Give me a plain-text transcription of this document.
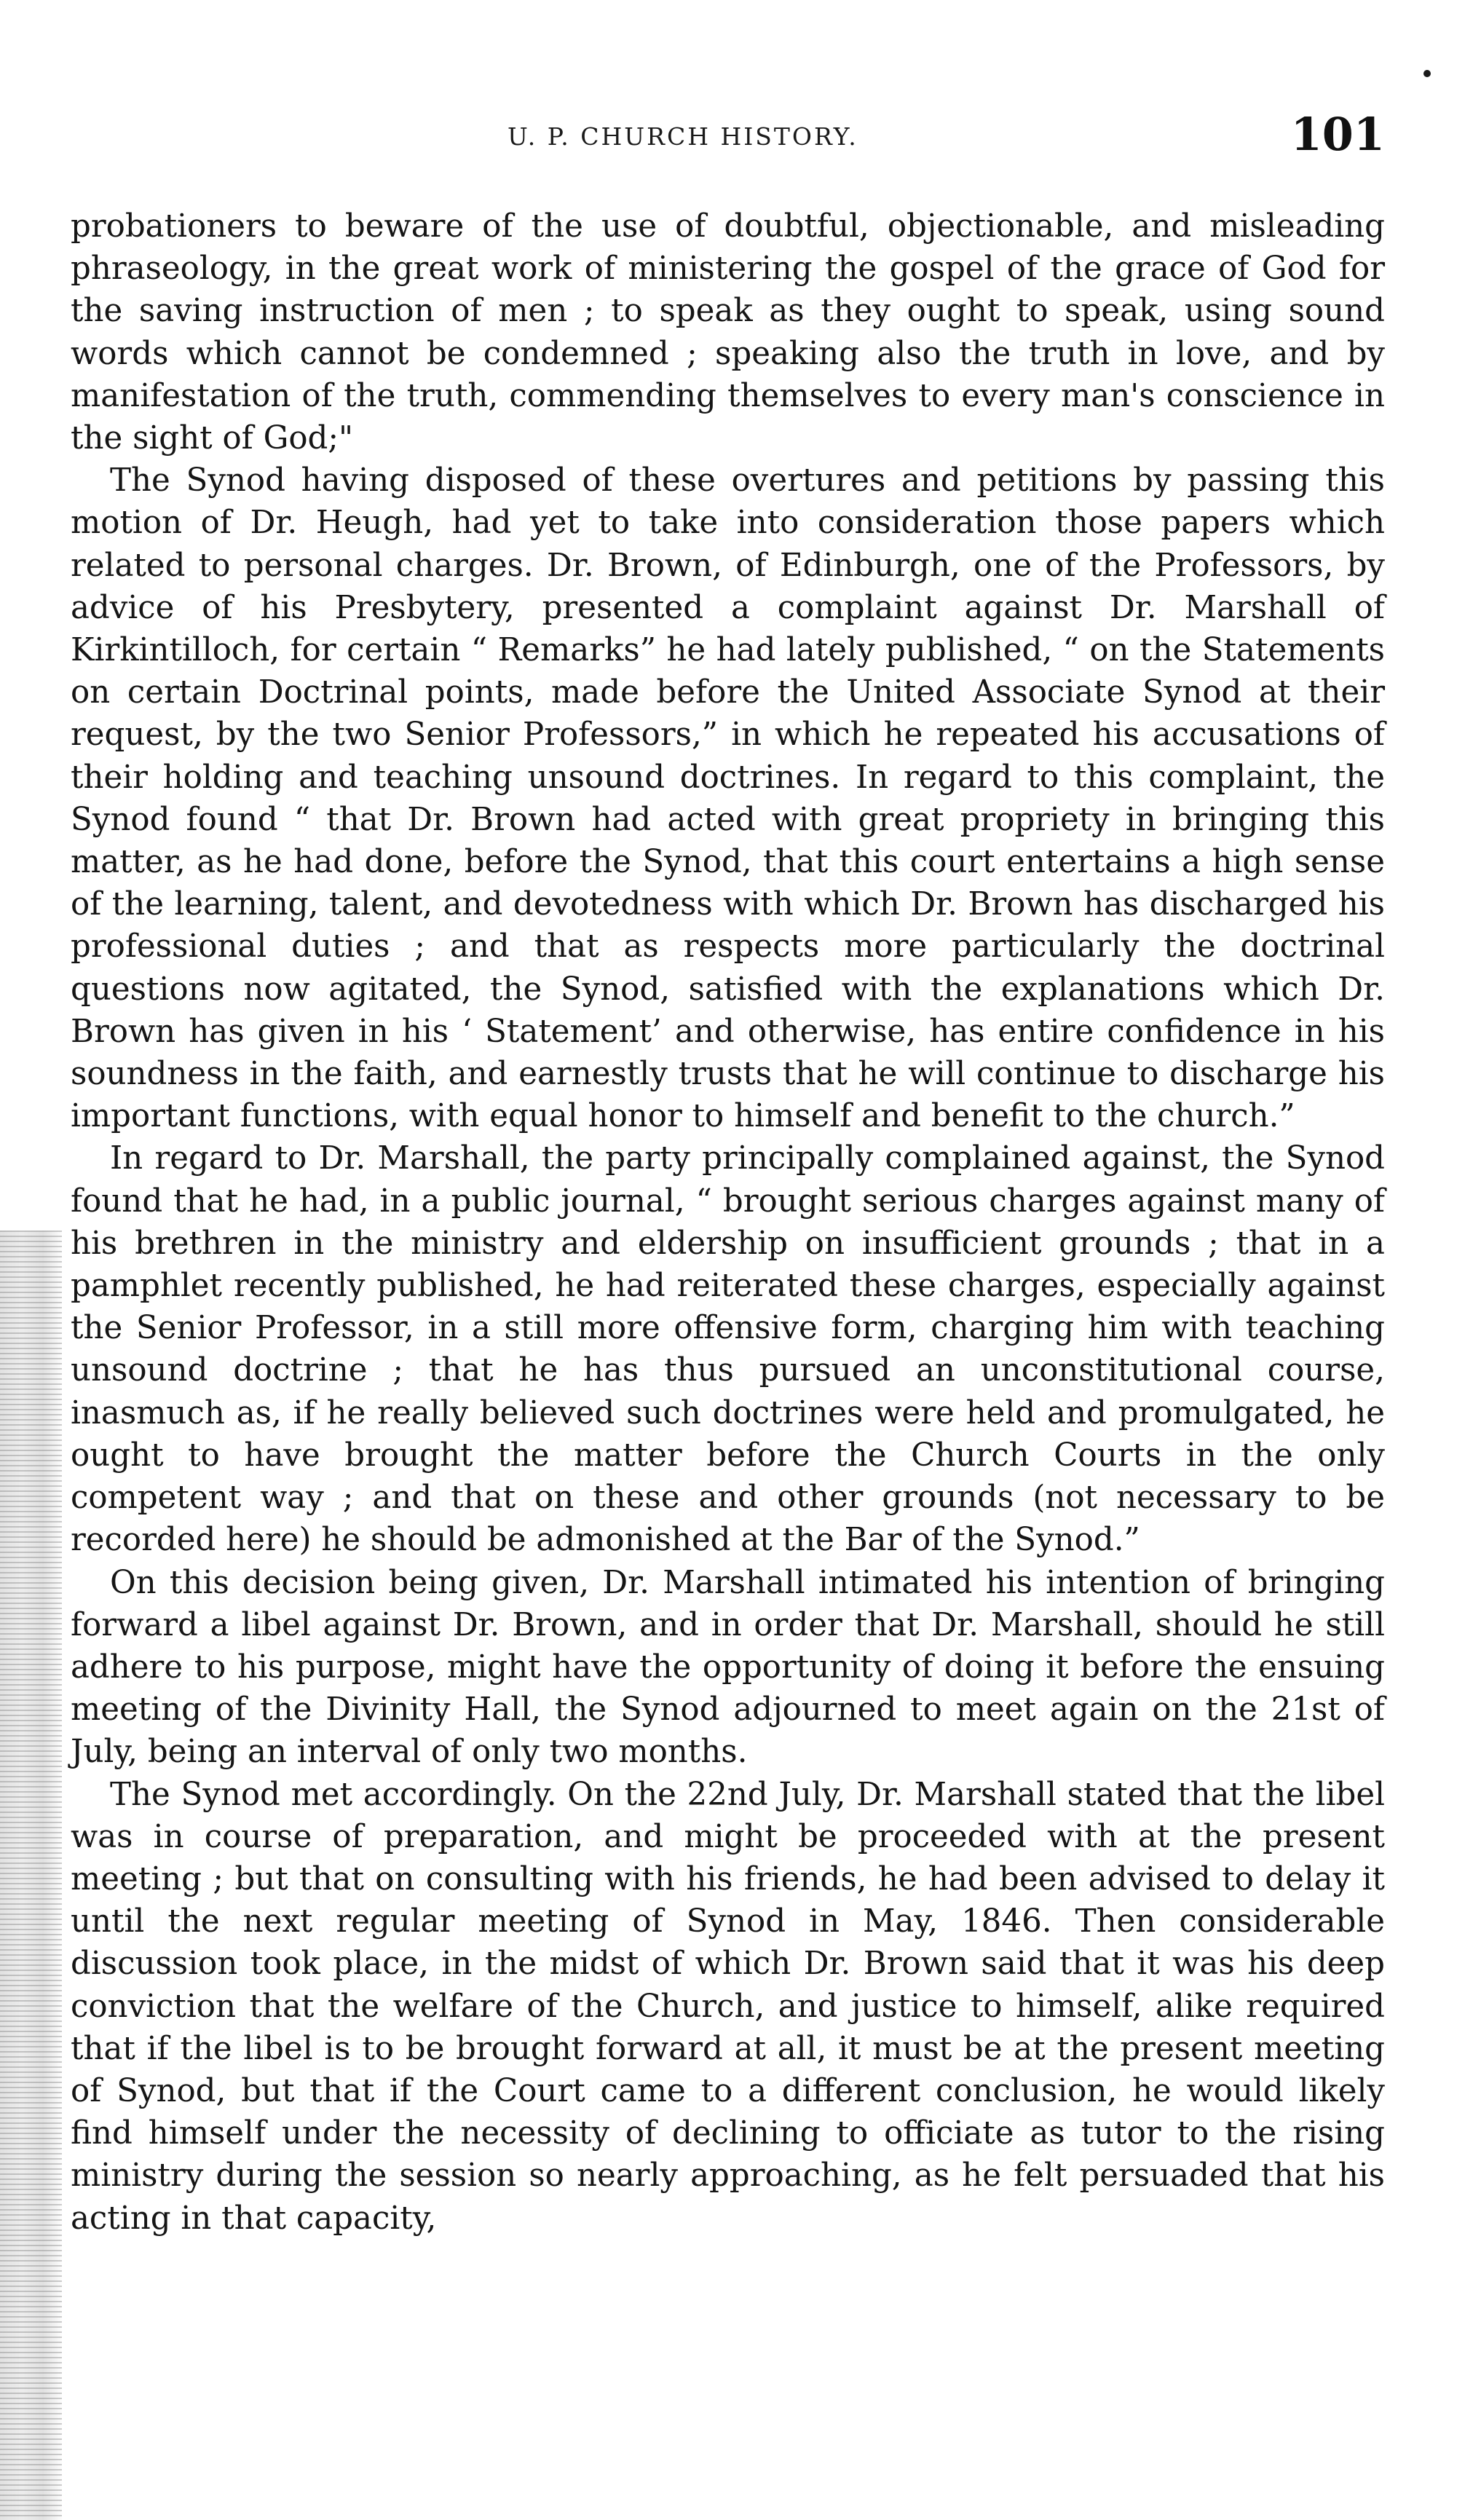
U. P. CHURCH HISTORY.	101

probationers to beware of the use of doubtful, objectionable, and misleading phraseology, in the great work of ministering the gospel of the grace of God for the saving instruction of men ; to speak as they ought to speak, using sound words which cannot be condemned ; speaking also the truth in love, and by manifestation of the truth, commending themselves to every man's conscience in the sight of God;"

The Synod having disposed of these overtures and petitions by passing this motion of Dr. Heugh, had yet to take into consideration those papers which related to personal charges. Dr. Brown, of Edinburgh, one of the Professors, by advice of his Presbytery, presented a complaint against Dr. Marshall of Kirkintilloch, for certain “ Remarks” he had lately published, “ on the Statements on certain Doctrinal points, made before the United Associate Synod at their request, by the two Senior Professors,” in which he repeated his accusations of their holding and teaching unsound doctrines. In regard to this complaint, the Synod found “ that Dr. Brown had acted with great propriety in bringing this matter, as he had done, before the Synod, that this court entertains a high sense of the learning, talent, and devotedness with which Dr. Brown has discharged his professional duties ; and that as respects more particularly the doctrinal questions now agitated, the Synod, satisfied with the explanations which Dr. Brown has given in his ‘ Statement’ and otherwise, has entire confidence in his soundness in the faith, and earnestly trusts that he will continue to discharge his important functions, with equal honor to himself and benefit to the church.”

In regard to Dr. Marshall, the party principally complained against, the Synod found that he had, in a public journal, “ brought serious charges against many of his brethren in the ministry and eldership on insufficient grounds ; that in a pamphlet recently published, he had reiterated these charges, especially against the Senior Professor, in a still more offensive form, charging him with teaching unsound doctrine ; that he has thus pursued an unconstitutional course, inasmuch as, if he really believed such doctrines were held and promulgated, he ought to have brought the matter before the Church Courts in the only competent way ; and that on these and other grounds (not necessary to be recorded here) he should be admonished at the Bar of the Synod.”

On this decision being given, Dr. Marshall intimated his intention of bringing forward a libel against Dr. Brown, and in order that Dr. Marshall, should he still adhere to his purpose, might have the opportunity of doing it before the ensuing meeting of the Divinity Hall, the Synod adjourned to meet again on the 21st of July, being an interval of only two months.

The Synod met accordingly. On the 22nd July, Dr. Marshall stated that the libel was in course of preparation, and might be proceeded with at the present meeting ; but that on consulting with his friends, he had been advised to delay it until the next regular meeting of Synod in May, 1846. Then considerable discussion took place, in the midst of which Dr. Brown said that it was his deep conviction that the welfare of the Church, and justice to himself, alike required that if the libel is to be brought forward at all, it must be at the present meeting of Synod, but that if the Court came to a different conclusion, he would likely find himself under the necessity of declining to officiate as tutor to the rising ministry during the session so nearly approaching, as he felt persuaded that his acting in that capacity,
